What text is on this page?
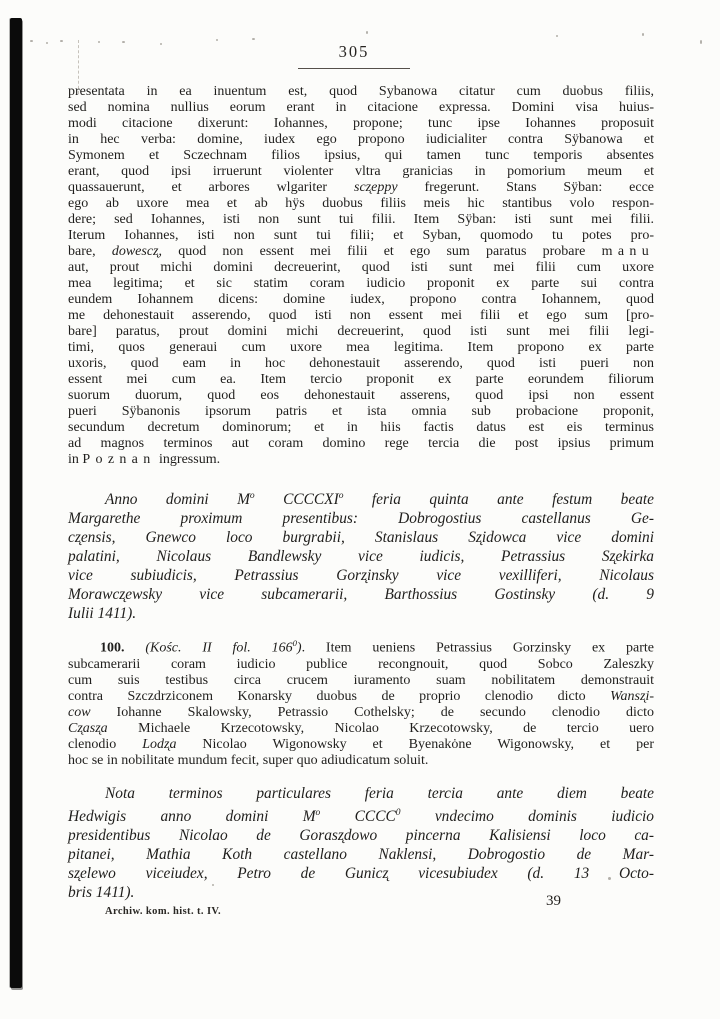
305
presentata in ea inuentum est, quod Sybanowa citatur cum duobus filiis,
sed nomina nullius eorum erant in citacione expressa. Domini visa huius-
modi citacione dixerunt: Iohannes, propone; tunc ipse Iohannes proposuit
in hec verba: domine, iudex ego propono iudicialiter contra Sÿbanowa et
Symonem et Sczechnam filios ipsius, qui tamen tunc temporis absentes
erant, quod ipsi irruerunt violenter vltra granicias in pomorium meum et
quassauerunt, et arbores wlgariter scz̨eppy fregerunt. Stans Sÿban: ecce
ego ab uxore mea et ab hÿs duobus filiis meis hic stantibus volo respon-
dere; sed Iohannes, isti non sunt tui filii. Item Sÿban: isti sunt mei filii.
Iterum Iohannes, isti non sunt tui filii; et Syban, quomodo tu potes pro-
bare, dowescz̨, quod non essent mei filii et ego sum paratus probare manu
aut, prout michi domini decreuerint, quod isti sunt mei filii cum uxore
mea legitima; et sic statim coram iudicio proponit ex parte sui contra
eundem Iohannem dicens: domine iudex, propono contra Iohannem, quod
me dehonestauit asserendo, quod isti non essent mei filii et ego sum [pro-
bare] paratus, prout domini michi decreuerint, quod isti sunt mei filii legi-
timi, quos generaui cum uxore mea legitima. Item propono ex parte
uxoris, quod eam in hoc dehonestauit asserendo, quod isti pueri non
essent mei cum ea. Item tercio proponit ex parte eorundem filiorum
suorum duorum, quod eos dehonestauit asserens, quod ipsi non essent
pueri Sÿbanonis ipsorum patris et ista omnia sub probacione proponit,
secundum decretum dominorum; et in hiis factis datus est eis terminus
ad magnos terminos aut coram domino rege tercia die post ipsius primum
in Poznan ingressum.
Anno domini $M^o$ CCCCXI$^o$ feria quinta ante festum beate
Margarethe proximum presentibus: Dobrogostius castellanus Ge-
cz̨ensis, Gnewco loco burgrabii, Stanislaus Sz̨idowca vice domini
palatini, Nicolaus Bandlewsky vice iudicis, Petrassius Sz̨ekirka
vice subiudicis, Petrassius Gorz̨insky vice vexilliferi, Nicolaus
Morawcz̨ewsky vice subcamerarii, Barthossius Gostinsky (d. 9
Iulii 1411).
100. (Kośc. II fol. $166^0$). Item ueniens Petrassius Gorzinsky ex parte
subcamerarii coram iudicio publice recongnouit, quod Sobco Zaleszky
cum suis testibus circa crucem iuramento suam nobilitatem demonstrauit
contra Szczdrziconem Konarsky duobus de proprio clenodio dicto Wansz̨i-
cow Iohanne Skalowsky, Petrassio Cothelsky; de secundo clenodio dicto
Cz̨asz̨a Michaele Krzecotowsky, Nicolao Krzecotowsky, de tercio uero
clenodio Lodz̨a Nicolao Wigonowsky et Byenakȯne Wigonowsky, et per
hoc se in nobilitate mundum fecit, super quo adiudicatum soluit.
Nota terminos particulares feria tercia ante diem beate
Hedwigis anno domini $M^o$ CCCC$^0$ vndecimo dominis iudicio
presidentibus Nicolao de Gorasz̨dowo pincerna Kalisiensi loco ca-
pitanei, Mathia Koth castellano Naklensi, Dobrogostio de Mar-
sz̨elewo viceiudex, Petro de Gunicz̨ vicesubiudex (d. 13 Octo-
bris 1411).
Archiw. kom. hist. t. IV.
39
